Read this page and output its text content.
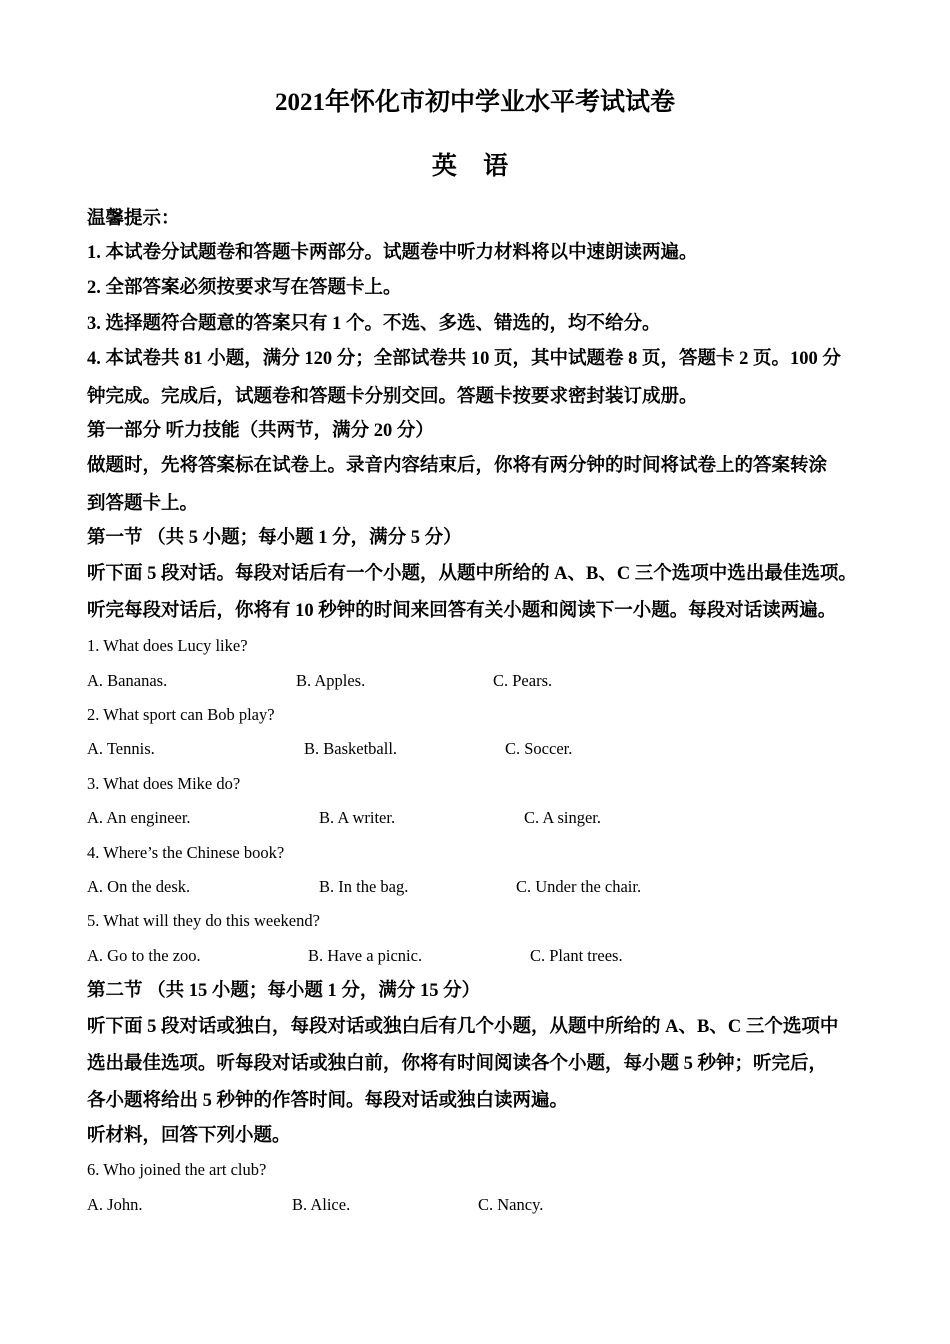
2021年怀化市初中学业水平考试试卷
英 语
温馨提示：
1. 本试卷分试题卷和答题卡两部分。试题卷中听力材料将以中速朗读两遍。
2. 全部答案必须按要求写在答题卡上。
3. 选择题符合题意的答案只有 1 个。不选、多选、错选的，均不给分。
4. 本试卷共 81 小题，满分 120 分；全部试卷共 10 页，其中试题卷 8 页，答题卡 2 页。100 分
钟完成。完成后，试题卷和答题卡分别交回。答题卡按要求密封装订成册。
第一部分 听力技能（共两节，满分 20 分）
做题时，先将答案标在试卷上。录音内容结束后，你将有两分钟的时间将试卷上的答案转涂
到答题卡上。
第一节 （共 5 小题；每小题 1 分，满分 5 分）
听下面 5 段对话。每段对话后有一个小题，从题中所给的 A、B、C 三个选项中选出最佳选项。
听完每段对话后，你将有 10 秒钟的时间来回答有关小题和阅读下一小题。每段对话读两遍。
1. What does Lucy like?
A. Bananas.	B. Apples.	C. Pears.
2. What sport can Bob play?
A. Tennis.	B. Basketball.	C. Soccer.
3. What does Mike do?
A. An engineer.	B. A writer.	C. A singer.
4. Where’s the Chinese book?
A. On the desk.	B. In the bag.	C. Under the chair.
5. What will they do this weekend?
A. Go to the zoo.	B. Have a picnic.	C. Plant trees.
第二节 （共 15 小题；每小题 1 分，满分 15 分）
听下面 5 段对话或独白，每段对话或独白后有几个小题，从题中所给的 A、B、C 三个选项中
选出最佳选项。听每段对话或独白前，你将有时间阅读各个小题，每小题 5 秒钟；听完后，
各小题将给出 5 秒钟的作答时间。每段对话或独白读两遍。
听材料，回答下列小题。
6. Who joined the art club?
A. John.	B. Alice.	C. Nancy.
